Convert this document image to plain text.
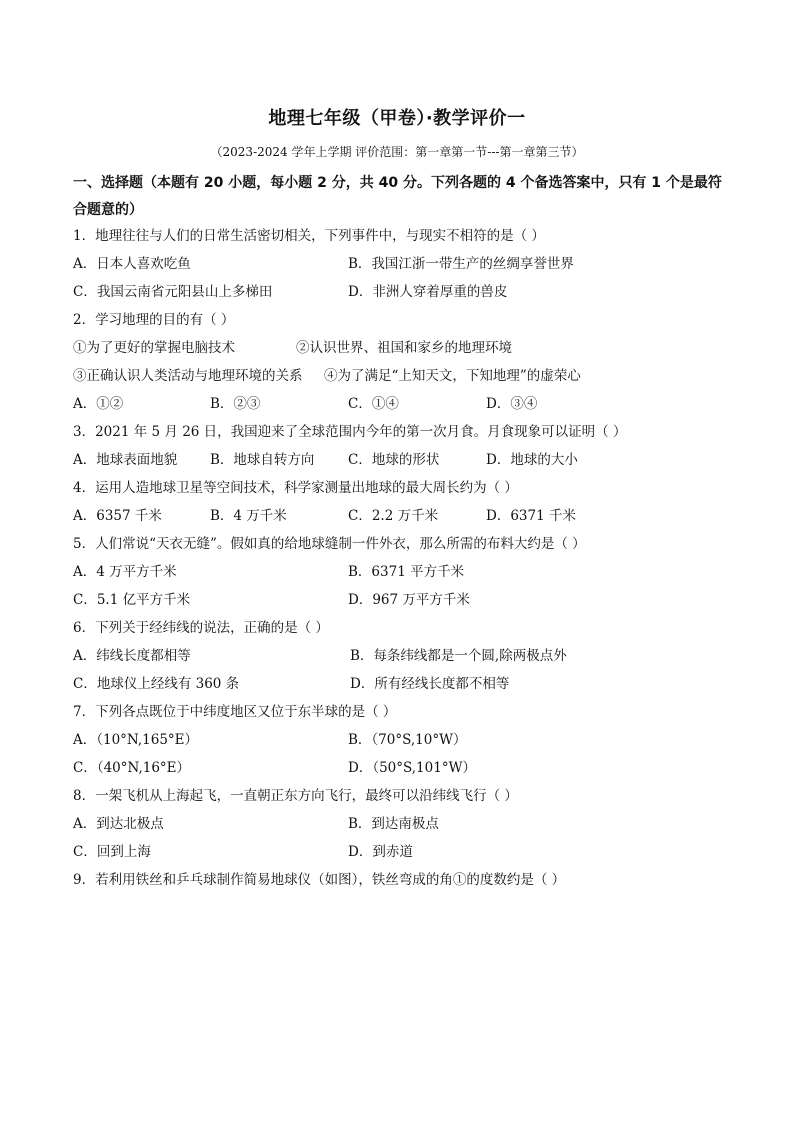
地理七年级（甲卷）·教学评价一
（2023-2024 学年上学期 评价范围：第一章第一节---第一章第三节）
一、选择题（本题有 20 小题，每小题 2 分，共 40 分。下列各题的 4 个备选答案中，只有 1 个是最符合题意的）
1．地理往往与人们的日常生活密切相关，下列事件中，与现实不相符的是（ ）
A．日本人喜欢吃鱼	B．我国江浙一带生产的丝绸享誉世界
C．我国云南省元阳县山上多梯田	D．非洲人穿着厚重的兽皮
2．学习地理的目的有（ ）
①为了更好的掌握电脑技术	②认识世界、祖国和家乡的地理环境
③正确认识人类活动与地理环境的关系 ④为了满足“上知天文，下知地理”的虚荣心
A．①②	B．②③	C．①④	D．③④
3．2021 年 5 月 26 日，我国迎来了全球范围内今年的第一次月食。月食现象可以证明（ ）
A．地球表面地貌 B．地球自转方向 C．地球的形状	D．地球的大小
4．运用人造地球卫星等空间技术，科学家测量出地球的最大周长约为（ ）
A．6357 千米	B．4 万千米	C．2.2 万千米	D．6371 千米
5．人们常说“天衣无缝”。假如真的给地球缝制一件外衣，那么所需的布料大约是（ ）
A．4 万平方千米	B．6371 平方千米
C．5.1 亿平方千米	D．967 万平方千米
6．下列关于经纬线的说法，正确的是（ ）
A．纬线长度都相等	B．每条纬线都是一个圆,除两极点外
C．地球仪上经线有 360 条	D．所有经线长度都不相等
7．下列各点既位于中纬度地区又位于东半球的是（ ）
A．（10°N,165°E）	B．（70°S,10°W）
C．（40°N,16°E）	D．（50°S,101°W）
8．一架飞机从上海起飞，一直朝正东方向飞行，最终可以沿纬线飞行（ ）
A．到达北极点	B．到达南极点
C．回到上海	D．到赤道
9．若利用铁丝和乒乓球制作简易地球仪（如图），铁丝弯成的角①的度数约是（ ）
